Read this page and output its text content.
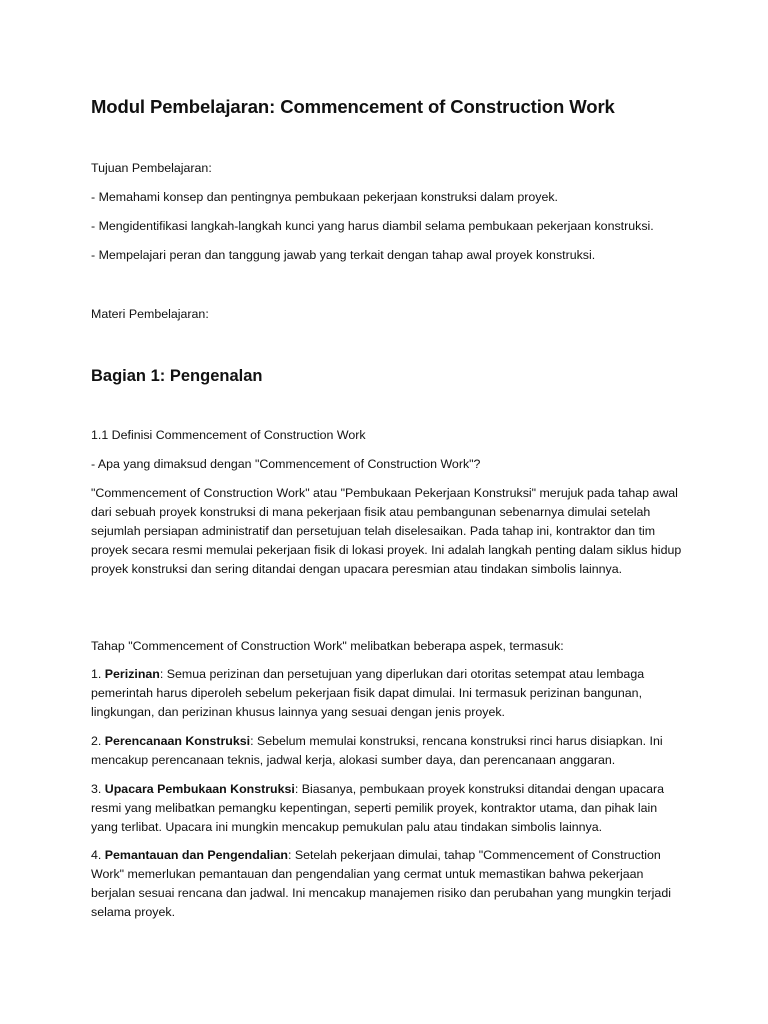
Modul Pembelajaran: Commencement of Construction Work

Tujuan Pembelajaran:

- Memahami konsep dan pentingnya pembukaan pekerjaan konstruksi dalam proyek.

- Mengidentifikasi langkah-langkah kunci yang harus diambil selama pembukaan pekerjaan konstruksi.

- Mempelajari peran dan tanggung jawab yang terkait dengan tahap awal proyek konstruksi.

Materi Pembelajaran:

Bagian 1: Pengenalan

1.1 Definisi Commencement of Construction Work

- Apa yang dimaksud dengan "Commencement of Construction Work"?

"Commencement of Construction Work" atau "Pembukaan Pekerjaan Konstruksi" merujuk pada tahap awal dari sebuah proyek konstruksi di mana pekerjaan fisik atau pembangunan sebenarnya dimulai setelah sejumlah persiapan administratif dan persetujuan telah diselesaikan. Pada tahap ini, kontraktor dan tim proyek secara resmi memulai pekerjaan fisik di lokasi proyek. Ini adalah langkah penting dalam siklus hidup proyek konstruksi dan sering ditandai dengan upacara peresmian atau tindakan simbolis lainnya.

Tahap "Commencement of Construction Work" melibatkan beberapa aspek, termasuk:

1. Perizinan: Semua perizinan dan persetujuan yang diperlukan dari otoritas setempat atau lembaga pemerintah harus diperoleh sebelum pekerjaan fisik dapat dimulai. Ini termasuk perizinan bangunan, lingkungan, dan perizinan khusus lainnya yang sesuai dengan jenis proyek.

2. Perencanaan Konstruksi: Sebelum memulai konstruksi, rencana konstruksi rinci harus disiapkan. Ini mencakup perencanaan teknis, jadwal kerja, alokasi sumber daya, dan perencanaan anggaran.

3. Upacara Pembukaan Konstruksi: Biasanya, pembukaan proyek konstruksi ditandai dengan upacara resmi yang melibatkan pemangku kepentingan, seperti pemilik proyek, kontraktor utama, dan pihak lain yang terlibat. Upacara ini mungkin mencakup pemukulan palu atau tindakan simbolis lainnya.

4. Pemantauan dan Pengendalian: Setelah pekerjaan dimulai, tahap "Commencement of Construction Work" memerlukan pemantauan dan pengendalian yang cermat untuk memastikan bahwa pekerjaan berjalan sesuai rencana dan jadwal. Ini mencakup manajemen risiko dan perubahan yang mungkin terjadi selama proyek.
